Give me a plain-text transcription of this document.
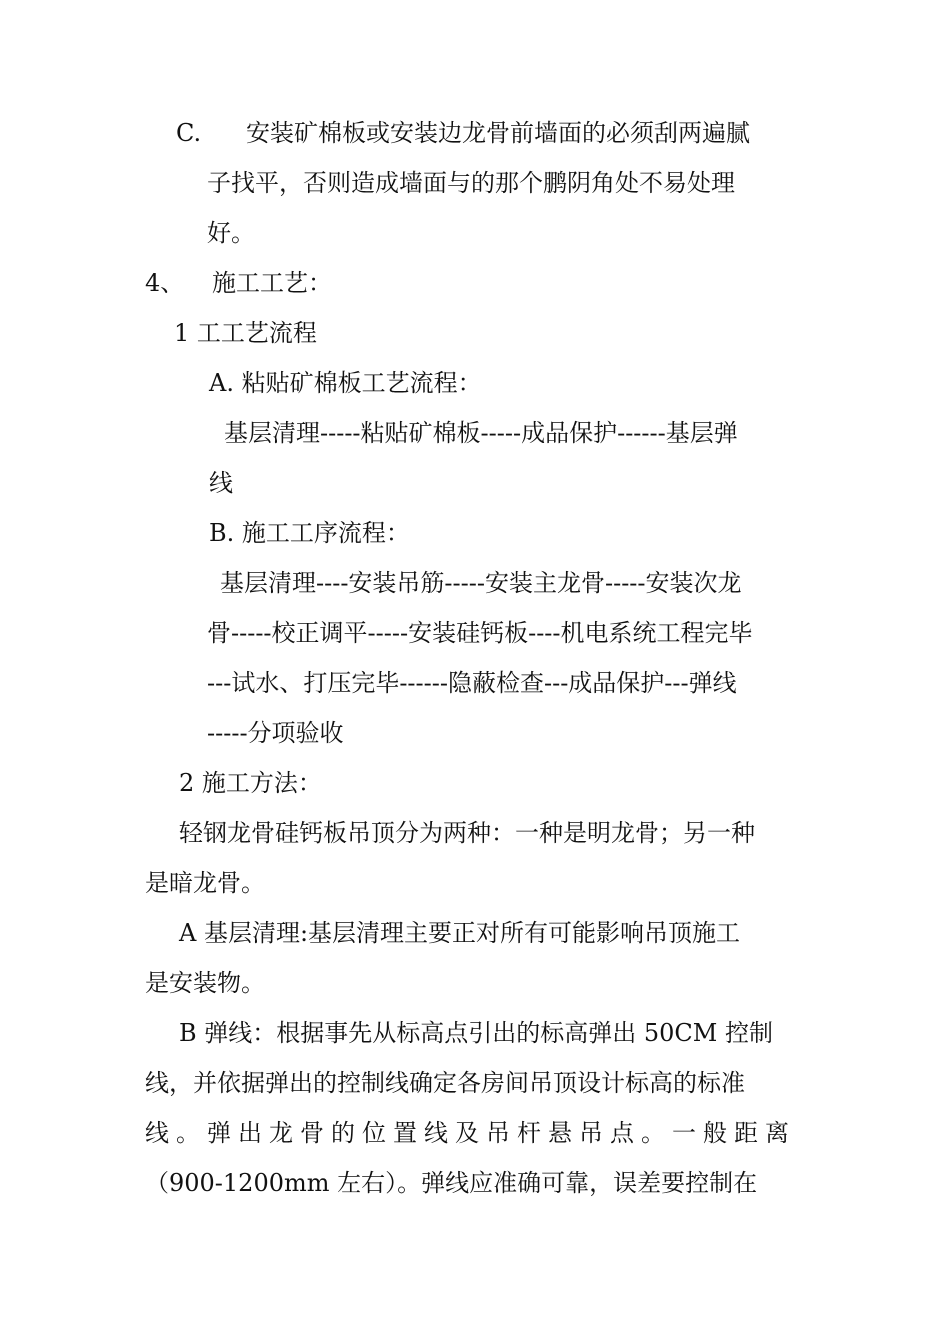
C. 安装矿棉板或安装边龙骨前墙面的必须刮两遍腻
子找平，否则造成墙面与的那个鹏阴角处不易处理
好。
4、 施工工艺：
1 工工艺流程
A. 粘贴矿棉板工艺流程：
基层清理-----粘贴矿棉板-----成品保护------基层弹
线
B. 施工工序流程：
基层清理----安装吊筋-----安装主龙骨-----安装次龙
骨-----校正调平-----安装硅钙板----机电系统工程完毕
---试水、打压完毕------隐蔽检查---成品保护---弹线
-----分项验收
2 施工方法：
轻钢龙骨硅钙板吊顶分为两种：一种是明龙骨；另一种
是暗龙骨。
A 基层清理:基层清理主要正对所有可能影响吊顶施工
是安装物。
B 弹线：根据事先从标高点引出的标高弹出 50CM 控制
线，并依据弹出的控制线确定各房间吊顶设计标高的标准
线。弹出龙骨的位置线及吊杆悬吊点。一般距离
（900-1200mm 左右）。弹线应准确可靠，误差要控制在
